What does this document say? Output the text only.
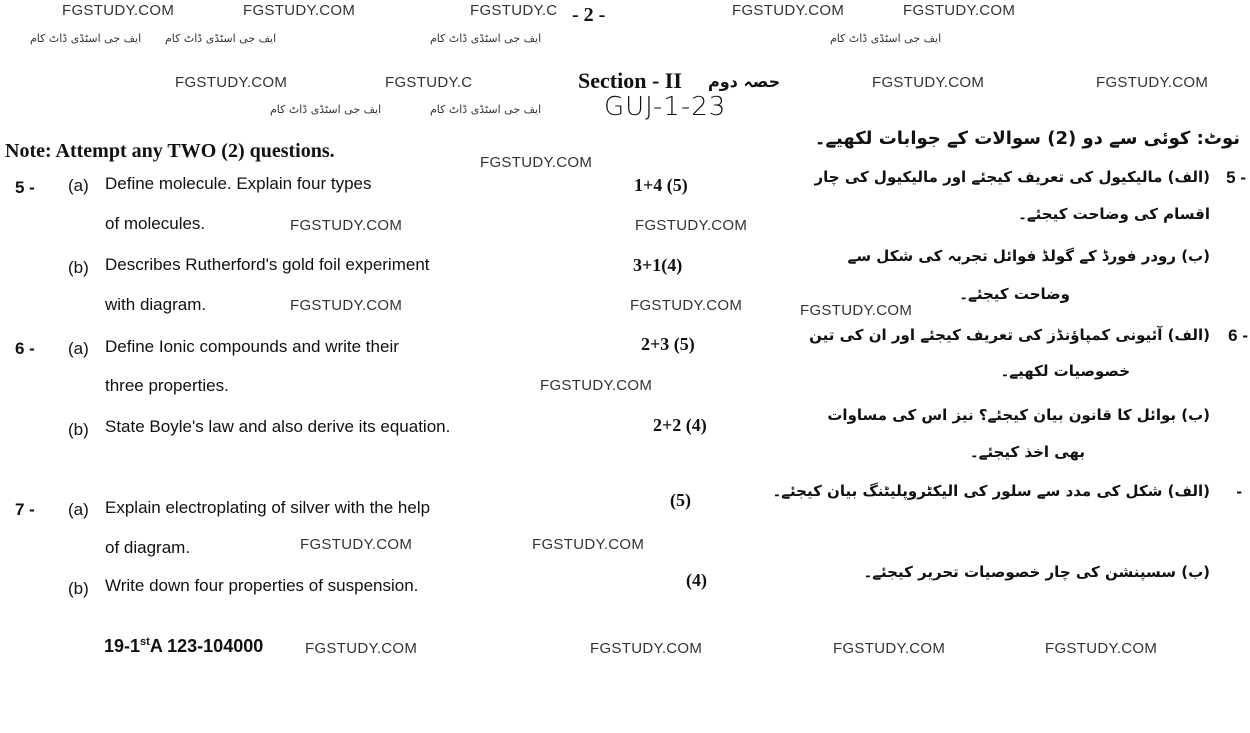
FGSTUDY.COM	FGSTUDY.COM	FGSTUDY.C - 2 -	FGSTUDY.COM	FGSTUDY.COM
ایف جی اسٹڈی ڈاٹ کام ایف جی اسٹڈی ڈاٹ کام	ایف جی اسٹڈی ڈاٹ کام	ایف جی اسٹڈی ڈاٹ کام
FGSTUDY.COM	FGSTUDY.C	Section - II حصہ دوم	FGSTUDY.COM	FGSTUDY.COM
ایف جی اسٹڈی ڈاٹ کام	ایف جی اسٹڈی ڈاٹ کام GUJ-1-23
Note: Attempt any TWO (2) questions.
نوٹ: کوئی سے دو (2) سوالات کے جوابات لکھیے۔
FGSTUDY.COM
5 - (a) Define molecule. Explain four types
of molecules.
1+4 (5)	(الف) مالیکیول کی تعریف کیجئے اور مالیکیول کی چار 5 -
اقسام کی وضاحت کیجئے۔
FGSTUDY.COM	FGSTUDY.COM
(b) Describes Rutherford's gold foil experiment
with diagram.
3+1(4)	(ب) رودر فورڈ کے گولڈ فوائل تجربہ کی شکل سے
وضاحت کیجئے۔
FGSTUDY.COM	FGSTUDY.COM	FGSTUDY.COM
6 - (a) Define Ionic compounds and write their
three properties.
2+3 (5)	(الف) آئیونی کمپاؤنڈز کی تعریف کیجئے اور ان کی تین 6 -
خصوصیات لکھیے۔
FGSTUDY.COM
(b) State Boyle's law and also derive its equation.	2+2 (4)	(ب) بوائل کا قانون بیان کیجئے؟ نیز اس کی مساوات
بھی اخذ کیجئے۔
7 - (a) Explain electroplating of silver with the help
of diagram.
(5)	(الف) شکل کی مدد سے سلور کی الیکٹروپلیٹنگ بیان کیجئے۔ -
FGSTUDY.COM	FGSTUDY.COM
(b) Write down four properties of suspension.	(4)	(ب) سسپنشن کی چار خصوصیات تحریر کیجئے۔
19-1stA 123-104000	FGSTUDY.COM	FGSTUDY.COM	FGSTUDY.COM	FGSTUDY.COM
